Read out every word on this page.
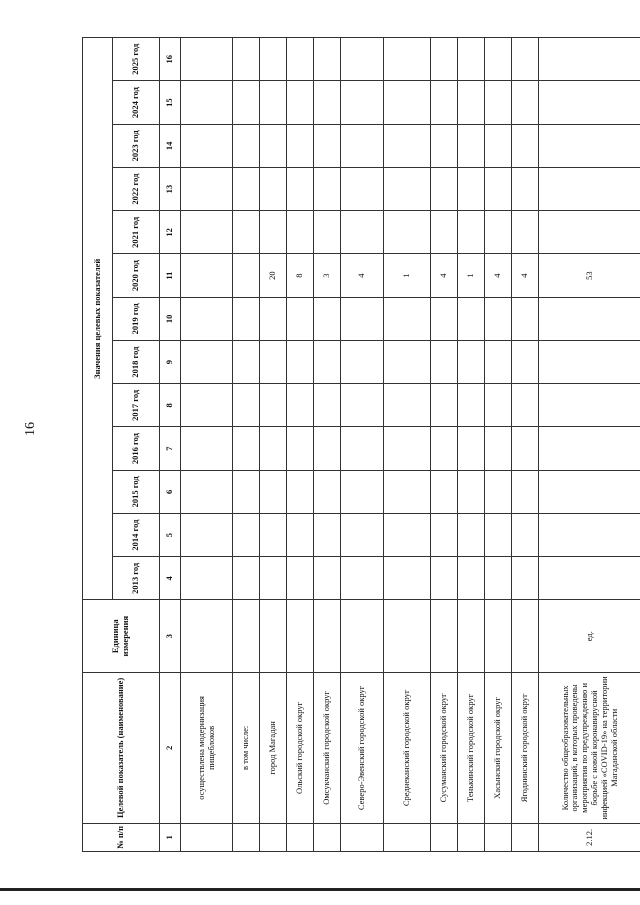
16
№ п/п	Целевой показатель (наименование)	Единица измерения	Значения целевых показателей												
			2013 год	2014 год	2015 год	2016 год	2017 год	2018 год	2019 год	2020 год	2021 год	2022 год	2023 год	2024 год	2025 год
1	2	3	4	5	6	7	8	9	10	11	12	13	14	15	16
	осуществлена модернизация пищеблоков														
	в том числе:														
	город Магадан									20					
	Ольский городской округ									8					
	Омсукчанский городской округ									3					
	Северо-Эвенский городской округ									4					
	Среднеканский городской округ									1					
	Сусуманский городской округ									4					
	Тенькинский городской округ									1					
	Хасынский городской округ									4					
	Ягоднинский городской округ									4					
2.12.	Количество общеобразовательных организаций, в которых проведены мероприятия по предупреждению и борьбе с новой коронавирусной инфекцией «COVID-19» на территории Магаданской области	ед.								53					
